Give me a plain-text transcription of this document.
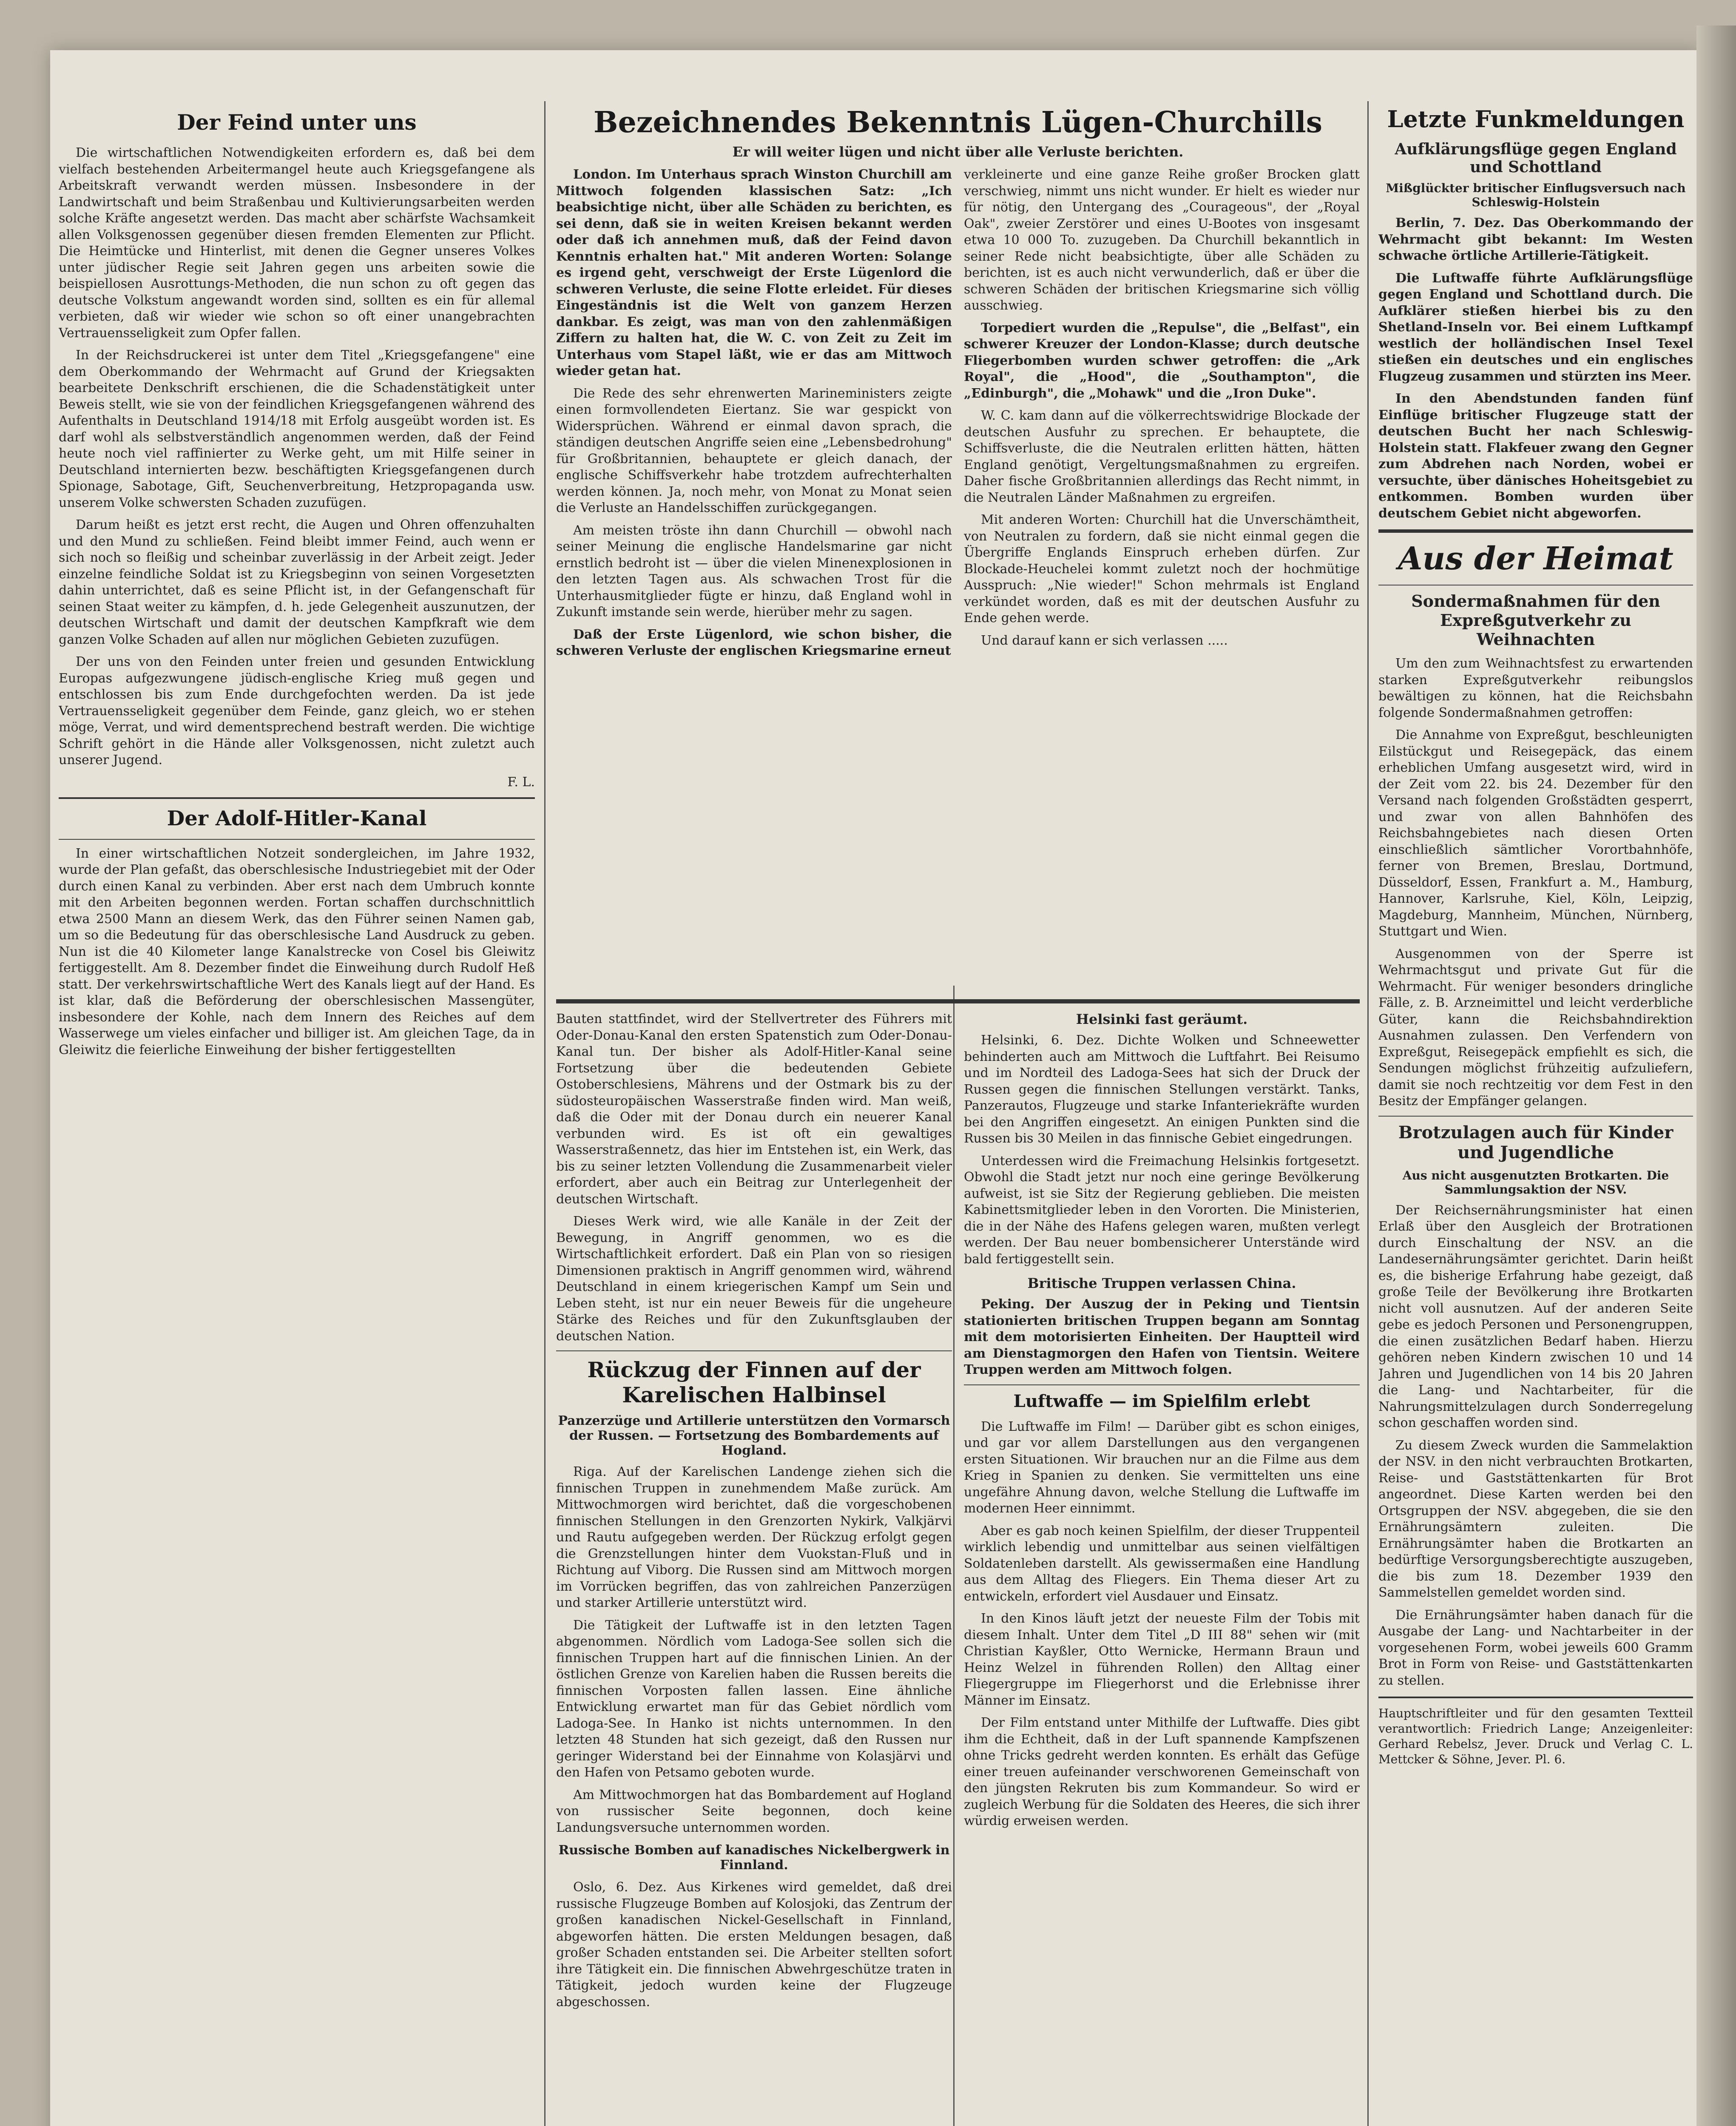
Der Feind unter uns

Die wirtschaftlichen Notwendigkeiten erfordern es, daß bei dem vielfach bestehenden Arbeitermangel heute auch Kriegsgefangene als Arbeitskraft verwandt werden müssen. Insbesondere in der Landwirtschaft und beim Straßenbau und Kultivierungsarbeiten werden solche Kräfte angesetzt werden. Das macht aber schärfste Wachsamkeit allen Volksgenossen gegenüber diesen fremden Elementen zur Pflicht. Die Heimtücke und Hinterlist, mit denen die Gegner unseres Volkes unter jüdischer Regie seit Jahren gegen uns arbeiten sowie die beispiellosen Ausrottungs-Methoden, die nun schon zu oft gegen das deutsche Volkstum angewandt worden sind, sollten es ein für allemal verbieten, daß wir wieder wie schon so oft einer unangebrachten Vertrauensseligkeit zum Opfer fallen.

In der Reichsdruckerei ist unter dem Titel „Kriegsgefangene" eine dem Oberkommando der Wehrmacht auf Grund der Kriegsakten bearbeitete Denkschrift erschienen, die die Schadenstätigkeit unter Beweis stellt, wie sie von der feindlichen Kriegsgefangenen während des Aufenthalts in Deutschland 1914/18 mit Erfolg ausgeübt worden ist. Es darf wohl als selbstverständlich angenommen werden, daß der Feind heute noch viel raffinierter zu Werke geht, um mit Hilfe seiner in Deutschland internierten bezw. beschäftigten Kriegsgefangenen durch Spionage, Sabotage, Gift, Seuchenverbreitung, Hetzpropaganda usw. unserem Volke schwersten Schaden zuzufügen.

Darum heißt es jetzt erst recht, die Augen und Ohren offenzuhalten und den Mund zu schließen. Feind bleibt immer Feind, auch wenn er sich noch so fleißig und scheinbar zuverlässig in der Arbeit zeigt. Jeder einzelne feindliche Soldat ist zu Kriegsbeginn von seinen Vorgesetzten dahin unterrichtet, daß es seine Pflicht ist, in der Gefangenschaft für seinen Staat weiter zu kämpfen, d. h. jede Gelegenheit auszunutzen, der deutschen Wirtschaft und damit der deutschen Kampfkraft wie dem ganzen Volke Schaden auf allen nur möglichen Gebieten zuzufügen.

Der uns von den Feinden unter freien und gesunden Entwicklung Europas aufgezwungene jüdisch-englische Krieg muß gegen und entschlossen bis zum Ende durchgefochten werden. Da ist jede Vertrauensseligkeit gegenüber dem Feinde, ganz gleich, wo er stehen möge, Verrat, und wird dementsprechend bestraft werden. Die wichtige Schrift gehört in die Hände aller Volksgenossen, nicht zuletzt auch unserer Jugend.

F. L.
Der Adolf-Hitler-Kanal

In einer wirtschaftlichen Notzeit sondergleichen, im Jahre 1932, wurde der Plan gefaßt, das oberschlesische Industriegebiet mit der Oder durch einen Kanal zu verbinden. Aber erst nach dem Umbruch konnte mit den Arbeiten begonnen werden. Fortan schaffen durchschnittlich etwa 2500 Mann an diesem Werk, das den Führer seinen Namen gab, um so die Bedeutung für das oberschlesische Land Ausdruck zu geben. Nun ist die 40 Kilometer lange Kanalstrecke von Cosel bis Gleiwitz fertiggestellt. Am 8. Dezember findet die Einweihung durch Rudolf Heß statt. Der verkehrswirtschaftliche Wert des Kanals liegt auf der Hand. Es ist klar, daß die Beförderung der oberschlesischen Massengüter, insbesondere der Kohle, nach dem Innern des Reiches auf dem Wasserwege um vieles einfacher und billiger ist. Am gleichen Tage, da in Gleiwitz die feierliche Einweihung der bisher fertiggestellten

Bezeichnendes Bekenntnis Lügen-Churchills
Er will weiter lügen und nicht über alle Verluste berichten.

London. Im Unterhaus sprach Winston Churchill am Mittwoch folgenden klassischen Satz: „Ich beabsichtige nicht, über alle Schäden zu berichten, es sei denn, daß sie in weiten Kreisen bekannt werden oder daß ich annehmen muß, daß der Feind davon Kenntnis erhalten hat." Mit anderen Worten: Solange es irgend geht, verschweigt der Erste Lügenlord die schweren Verluste, die seine Flotte erleidet. Für dieses Eingeständnis ist die Welt von ganzem Herzen dankbar. Es zeigt, was man von den zahlenmäßigen Ziffern zu halten hat, die W. C. von Zeit zu Zeit im Unterhaus vom Stapel läßt, wie er das am Mittwoch wieder getan hat.

Die Rede des sehr ehrenwerten Marineministers zeigte einen formvollendeten Eiertanz. Sie war gespickt von Widersprüchen. Während er einmal davon sprach, die ständigen deutschen Angriffe seien eine „Lebensbedrohung" für Großbritannien, behauptete er gleich danach, der englische Schiffsverkehr habe trotzdem aufrechterhalten werden können. Ja, noch mehr, von Monat zu Monat seien die Verluste an Handelsschiffen zurückgegangen.

Am meisten tröste ihn dann Churchill — obwohl nach seiner Meinung die englische Handelsmarine gar nicht ernstlich bedroht ist — über die vielen Minenexplosionen in den letzten Tagen aus. Als schwachen Trost für die Unterhausmitglieder fügte er hinzu, daß England wohl in Zukunft imstande sein werde, hierüber mehr zu sagen.

Daß der Erste Lügenlord, wie schon bisher, die schweren Verluste der englischen Kriegsmarine erneut

verkleinerte und eine ganze Reihe großer Brocken glatt verschwieg, nimmt uns nicht wunder. Er hielt es wieder nur für nötig, den Untergang des „Courageous", der „Royal Oak", zweier Zerstörer und eines U-Bootes von insgesamt etwa 10 000 To. zuzugeben. Da Churchill bekanntlich in seiner Rede nicht beabsichtigte, über alle Schäden zu berichten, ist es auch nicht verwunderlich, daß er über die schweren Schäden der britischen Kriegsmarine sich völlig ausschwieg.

Torpediert wurden die „Repulse", die „Belfast", ein schwerer Kreuzer der London-Klasse; durch deutsche Fliegerbomben wurden schwer getroffen: die „Ark Royal", die „Hood", die „Southampton", die „Edinburgh", die „Mohawk" und die „Iron Duke".

W. C. kam dann auf die völkerrechtswidrige Blockade der deutschen Ausfuhr zu sprechen. Er behauptete, die Schiffsverluste, die die Neutralen erlitten hätten, hätten England genötigt, Vergeltungsmaßnahmen zu ergreifen. Daher fische Großbritannien allerdings das Recht nimmt, in die Neutralen Länder Maßnahmen zu ergreifen.

Mit anderen Worten: Churchill hat die Unverschämtheit, von Neutralen zu fordern, daß sie nicht einmal gegen die Übergriffe Englands Einspruch erheben dürfen. Zur Blockade-Heuchelei kommt zuletzt noch der hochmütige Ausspruch: „Nie wieder!" Schon mehrmals ist England verkündet worden, daß es mit der deutschen Ausfuhr zu Ende gehen werde.

Und darauf kann er sich verlassen .....

Bauten stattfindet, wird der Stellvertreter des Führers mit Oder-Donau-Kanal den ersten Spatenstich zum Oder-Donau-Kanal tun. Der bisher als Adolf-Hitler-Kanal seine Fortsetzung über die bedeutenden Gebiete Ostoberschlesiens, Mährens und der Ostmark bis zu der südosteuropäischen Wasserstraße finden wird. Man weiß, daß die Oder mit der Donau durch ein neuerer Kanal verbunden wird. Es ist oft ein gewaltiges Wasserstraßennetz, das hier im Entstehen ist, ein Werk, das bis zu seiner letzten Vollendung die Zusammenarbeit vieler erfordert, aber auch ein Beitrag zur Unterlegenheit der deutschen Wirtschaft.

Dieses Werk wird, wie alle Kanäle in der Zeit der Bewegung, in Angriff genommen, wo es die Wirtschaftlichkeit erfordert. Daß ein Plan von so riesigen Dimensionen praktisch in Angriff genommen wird, während Deutschland in einem kriegerischen Kampf um Sein und Leben steht, ist nur ein neuer Beweis für die ungeheure Stärke des Reiches und für den Zukunftsglauben der deutschen Nation.

Rückzug der Finnen auf der Karelischen Halbinsel
Panzerzüge und Artillerie unterstützen den Vormarsch der Russen. — Fortsetzung des Bombardements auf Hogland.

Riga. Auf der Karelischen Landenge ziehen sich die finnischen Truppen in zunehmendem Maße zurück. Am Mittwochmorgen wird berichtet, daß die vorgeschobenen finnischen Stellungen in den Grenzorten Nykirk, Valkjärvi und Rautu aufgegeben werden. Der Rückzug erfolgt gegen die Grenzstellungen hinter dem Vuokstan-Fluß und in Richtung auf Viborg. Die Russen sind am Mittwoch morgen im Vorrücken begriffen, das von zahlreichen Panzerzügen und starker Artillerie unterstützt wird.

Die Tätigkeit der Luftwaffe ist in den letzten Tagen abgenommen. Nördlich vom Ladoga-See sollen sich die finnischen Truppen hart auf die finnischen Linien. An der östlichen Grenze von Karelien haben die Russen bereits die finnischen Vorposten fallen lassen. Eine ähnliche Entwicklung erwartet man für das Gebiet nördlich vom Ladoga-See. In Hanko ist nichts unternommen. In den letzten 48 Stunden hat sich gezeigt, daß den Russen nur geringer Widerstand bei der Einnahme von Kolasjärvi und den Hafen von Petsamo geboten wurde.

Am Mittwochmorgen hat das Bombardement auf Hogland von russischer Seite begonnen, doch keine Landungsversuche unternommen worden.

Russische Bomben auf kanadisches Nickelbergwerk in Finnland.

Oslo, 6. Dez. Aus Kirkenes wird gemeldet, daß drei russische Flugzeuge Bomben auf Kolosjoki, das Zentrum der großen kanadischen Nickel-Gesellschaft in Finnland, abgeworfen hätten. Die ersten Meldungen besagen, daß großer Schaden entstanden sei. Die Arbeiter stellten sofort ihre Tätigkeit ein. Die finnischen Abwehrgeschütze traten in Tätigkeit, jedoch wurden keine der Flugzeuge abgeschossen.

Helsinki fast geräumt.

Helsinki, 6. Dez. Dichte Wolken und Schneewetter behinderten auch am Mittwoch die Luftfahrt. Bei Reisumo und im Nordteil des Ladoga-Sees hat sich der Druck der Russen gegen die finnischen Stellungen verstärkt. Tanks, Panzerautos, Flugzeuge und starke Infanteriekräfte wurden bei den Angriffen eingesetzt. An einigen Punkten sind die Russen bis 30 Meilen in das finnische Gebiet eingedrungen.

Unterdessen wird die Freimachung Helsinkis fortgesetzt. Obwohl die Stadt jetzt nur noch eine geringe Bevölkerung aufweist, ist sie Sitz der Regierung geblieben. Die meisten Kabinettsmitglieder leben in den Vororten. Die Ministerien, die in der Nähe des Hafens gelegen waren, mußten verlegt werden. Der Bau neuer bombensicherer Unterstände wird bald fertiggestellt sein.

Britische Truppen verlassen China.

Peking. Der Auszug der in Peking und Tientsin stationierten britischen Truppen begann am Sonntag mit dem motorisierten Einheiten. Der Hauptteil wird am Dienstagmorgen den Hafen von Tientsin. Weitere Truppen werden am Mittwoch folgen.

Luftwaffe — im Spielfilm erlebt

Die Luftwaffe im Film! — Darüber gibt es schon einiges, und gar vor allem Darstellungen aus den vergangenen ersten Situationen. Wir brauchen nur an die Filme aus dem Krieg in Spanien zu denken. Sie vermittelten uns eine ungefähre Ahnung davon, welche Stellung die Luftwaffe im modernen Heer einnimmt.

Aber es gab noch keinen Spielfilm, der dieser Truppenteil wirklich lebendig und unmittelbar aus seinen vielfältigen Soldatenleben darstellt. Als gewissermaßen eine Handlung aus dem Alltag des Fliegers. Ein Thema dieser Art zu entwickeln, erfordert viel Ausdauer und Einsatz.

In den Kinos läuft jetzt der neueste Film der Tobis mit diesem Inhalt. Unter dem Titel „D III 88" sehen wir (mit Christian Kayßler, Otto Wernicke, Hermann Braun und Heinz Welzel in führenden Rollen) den Alltag einer Fliegergruppe im Fliegerhorst und die Erlebnisse ihrer Männer im Einsatz.

Der Film entstand unter Mithilfe der Luftwaffe. Dies gibt ihm die Echtheit, daß in der Luft spannende Kampfszenen ohne Tricks gedreht werden konnten. Es erhält das Gefüge einer treuen aufeinander verschworenen Gemeinschaft von den jüngsten Rekruten bis zum Kommandeur. So wird er zugleich Werbung für die Soldaten des Heeres, die sich ihrer würdig erweisen werden.

Letzte Funkmeldungen
Aufklärungsflüge gegen England und Schottland
Mißglückter britischer Einflugsversuch nach Schleswig-Holstein

Berlin, 7. Dez. Das Oberkommando der Wehrmacht gibt bekannt: Im Westen schwache örtliche Artillerie-Tätigkeit.

Die Luftwaffe führte Aufklärungsflüge gegen England und Schottland durch. Die Aufklärer stießen hierbei bis zu den Shetland-Inseln vor. Bei einem Luftkampf westlich der holländischen Insel Texel stießen ein deutsches und ein englisches Flugzeug zusammen und stürzten ins Meer.

In den Abendstunden fanden fünf Einflüge britischer Flugzeuge statt der deutschen Bucht her nach Schleswig-Holstein statt. Flakfeuer zwang den Gegner zum Abdrehen nach Norden, wobei er versuchte, über dänisches Hoheitsgebiet zu entkommen. Bomben wurden über deutschem Gebiet nicht abgeworfen.

Aus der Heimat
Sondermaßnahmen für den Expreßgutverkehr zu Weihnachten

Um den zum Weihnachtsfest zu erwartenden starken Expreßgutverkehr reibungslos bewältigen zu können, hat die Reichsbahn folgende Sondermaßnahmen getroffen:

Die Annahme von Expreßgut, beschleunigten Eilstückgut und Reisegepäck, das einem erheblichen Umfang ausgesetzt wird, wird in der Zeit vom 22. bis 24. Dezember für den Versand nach folgenden Großstädten gesperrt, und zwar von allen Bahnhöfen des Reichsbahngebietes nach diesen Orten einschließlich sämtlicher Vorortbahnhöfe, ferner von Bremen, Breslau, Dortmund, Düsseldorf, Essen, Frankfurt a. M., Hamburg, Hannover, Karlsruhe, Kiel, Köln, Leipzig, Magdeburg, Mannheim, München, Nürnberg, Stuttgart und Wien.

Ausgenommen von der Sperre ist Wehrmachtsgut und private Gut für die Wehrmacht. Für weniger besonders dringliche Fälle, z. B. Arzneimittel und leicht verderbliche Güter, kann die Reichsbahndirektion Ausnahmen zulassen. Den Verfendern von Expreßgut, Reisegepäck empfiehlt es sich, die Sendungen möglichst frühzeitig aufzuliefern, damit sie noch rechtzeitig vor dem Fest in den Besitz der Empfänger gelangen.

Brotzulagen auch für Kinder und Jugendliche
Aus nicht ausgenutzten Brotkarten. Die Sammlungsaktion der NSV.

Der Reichsernährungsminister hat einen Erlaß über den Ausgleich der Brotrationen durch Einschaltung der NSV. an die Landesernährungsämter gerichtet. Darin heißt es, die bisherige Erfahrung habe gezeigt, daß große Teile der Bevölkerung ihre Brotkarten nicht voll ausnutzen. Auf der anderen Seite gebe es jedoch Personen und Personengruppen, die einen zusätzlichen Bedarf haben. Hierzu gehören neben Kindern zwischen 10 und 14 Jahren und Jugendlichen von 14 bis 20 Jahren die Lang- und Nachtarbeiter, für die Nahrungsmittelzulagen durch Sonderregelung schon geschaffen worden sind.

Zu diesem Zweck wurden die Sammelaktion der NSV. in den nicht verbrauchten Brotkarten, Reise- und Gaststättenkarten für Brot angeordnet. Diese Karten werden bei den Ortsgruppen der NSV. abgegeben, die sie den Ernährungsämtern zuleiten. Die Ernährungsämter haben die Brotkarten an bedürftige Versorgungsberechtigte auszugeben, die bis zum 18. Dezember 1939 den Sammelstellen gemeldet worden sind.

Die Ernährungsämter haben danach für die Ausgabe der Lang- und Nachtarbeiter in der vorgesehenen Form, wobei jeweils 600 Gramm Brot in Form von Reise- und Gaststättenkarten zu stellen.

Hauptschriftleiter und für den gesamten Textteil verantwortlich: Friedrich Lange; Anzeigenleiter: Gerhard Rebelsz, Jever. Druck und Verlag C. L. Mettcker & Söhne, Jever. Pl. 6.
